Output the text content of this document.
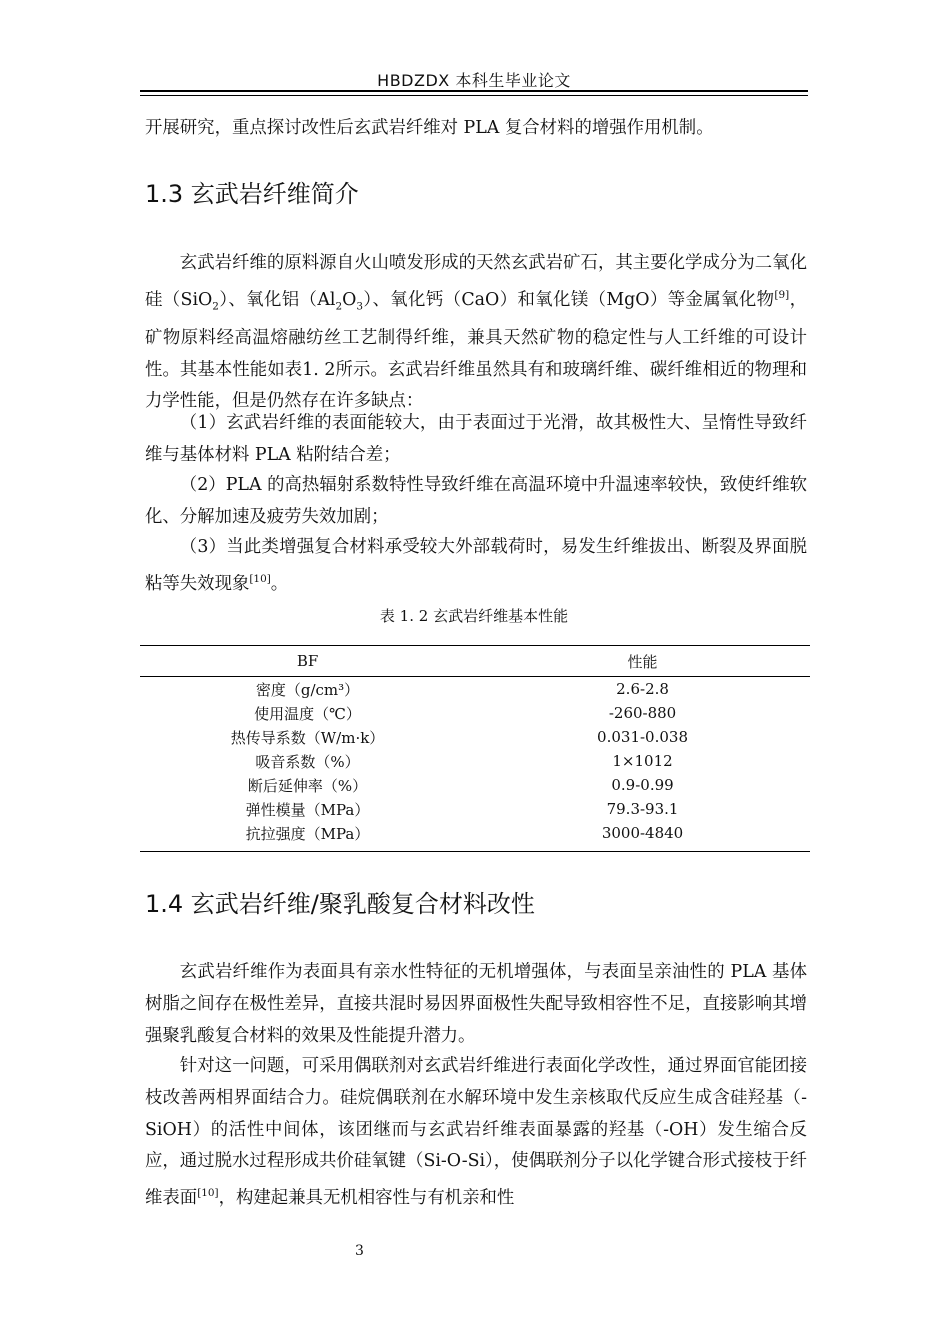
HBDZDX 本科生毕业论文

开展研究，重点探讨改性后玄武岩纤维对 PLA 复合材料的增强作用机制。

1.3 玄武岩纤维简介

玄武岩纤维的原料源自火山喷发形成的天然玄武岩矿石，其主要化学成分为二氧化硅（SiO$_2$）、氧化铝$(Al_2O_3)$、氧化钙（CaO）和氧化镁（MgO）等金属氧化物[9]，矿物原料经高温熔融纺丝工艺制得纤维，兼具天然矿物的稳定性与人工纤维的可设计性。其基本性能如表1. 2所示。玄武岩纤维虽然具有和玻璃纤维、碳纤维相近的物理和力学性能，但是仍然存在许多缺点：

（1）玄武岩纤维的表面能较大，由于表面过于光滑，故其极性大、呈惰性导致纤维与基体材料 PLA 粘附结合差；

（2）PLA 的高热辐射系数特性导致纤维在高温环境中升温速率较快，致使纤维软化、分解加速及疲劳失效加剧；

（3）当此类增强复合材料承受较大外部载荷时，易发生纤维拔出、断裂及界面脱粘等失效现象[10]。

表 1. 2 玄武岩纤维基本性能
BF	性能
密度（g/cm³）	2.6-2.8
使用温度（℃）	-260-880
热传导系数（W/m·k）	0.031-0.038
吸音系数（%）	1×1012
断后延伸率（%）	0.9-0.99
弹性模量（MPa）	79.3-93.1
抗拉强度（MPa）	3000-4840
1.4 玄武岩纤维/聚乳酸复合材料改性

玄武岩纤维作为表面具有亲水性特征的无机增强体，与表面呈亲油性的 PLA 基体树脂之间存在极性差异，直接共混时易因界面极性失配导致相容性不足，直接影响其增强聚乳酸复合材料的效果及性能提升潜力。

针对这一问题，可采用偶联剂对玄武岩纤维进行表面化学改性，通过界面官能团接枝改善两相界面结合力。硅烷偶联剂在水解环境中发生亲核取代反应生成含硅羟基（-SiOH）的活性中间体，该团继而与玄武岩纤维表面暴露的羟基（-OH）发生缩合反应，通过脱水过程形成共价硅氧键（Si-O-Si），使偶联剂分子以化学键合形式接枝于纤维表面[10]，构建起兼具无机相容性与有机亲和性

3
